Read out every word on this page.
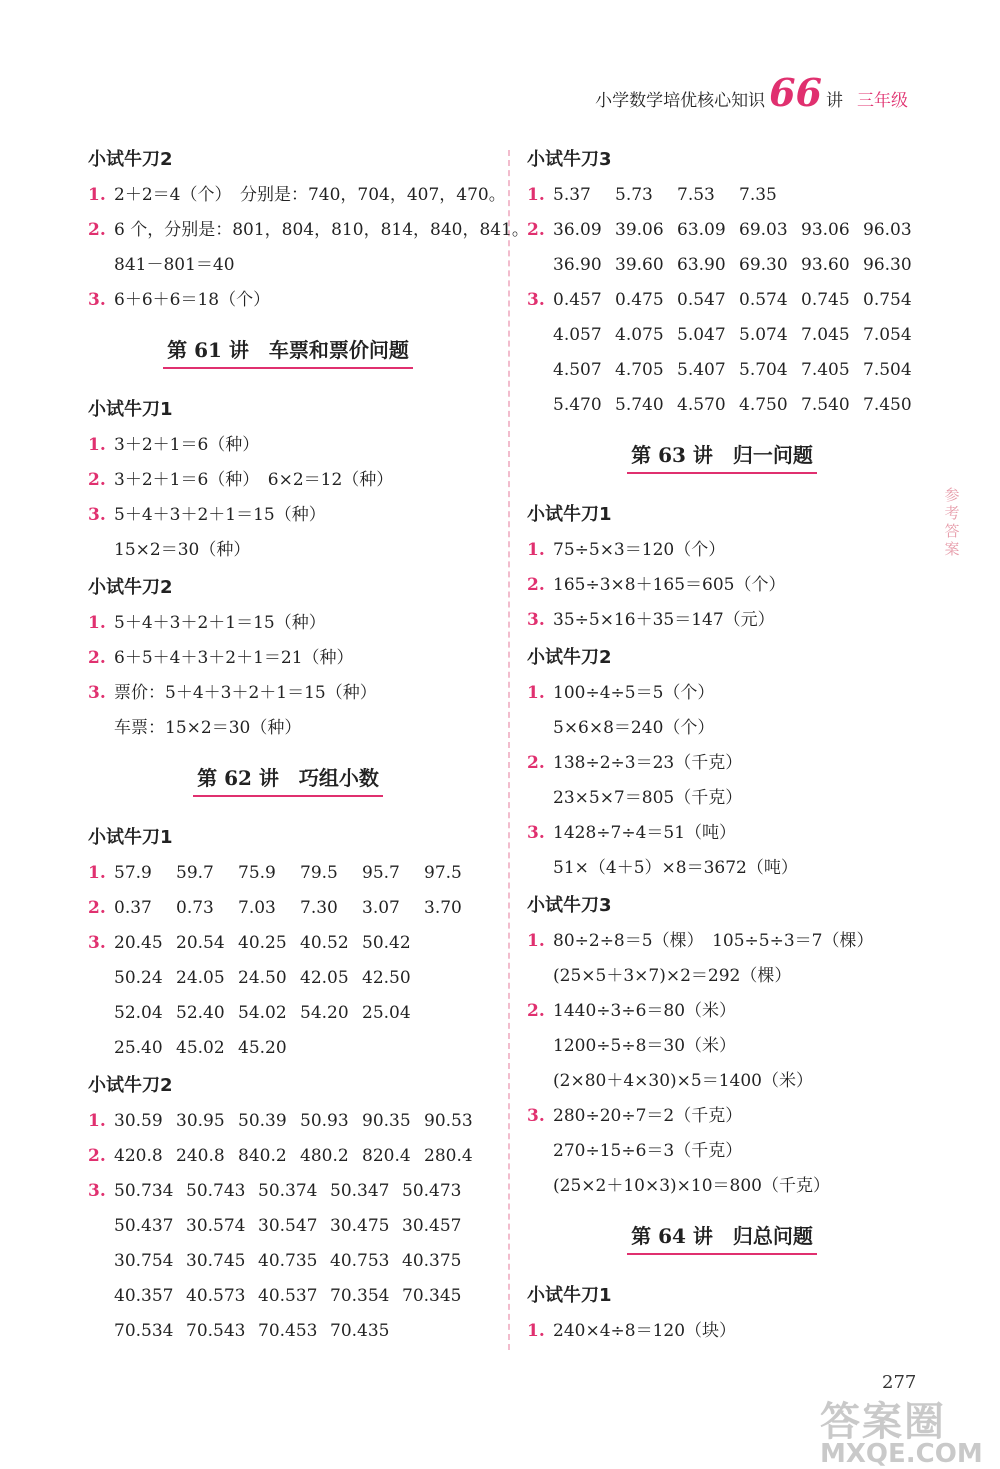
小学数学培优核心知识 66 讲 三年级
小试牛刀2
1. 2＋2＝4（个）　分别是：740，704，407，470。
2. 6 个，分别是：801，804，810，814，840，841。
841－801＝40
3. 6＋6＋6＝18（个）
第 61 讲　车票和票价问题
小试牛刀1
1. 3＋2＋1＝6（种）
2. 3＋2＋1＝6（种）　6×2＝12（种）
3. 5＋4＋3＋2＋1＝15（种）
15×2＝30（种）
小试牛刀2
1. 5＋4＋3＋2＋1＝15（种）
2. 6＋5＋4＋3＋2＋1＝21（种）
3. 票价：5＋4＋3＋2＋1＝15（种）
车票：15×2＝30（种）
第 62 讲　巧组小数
小试牛刀1
1. 57.9 59.7 75.9 79.5 95.7 97.5
2. 0.37 0.73 7.03 7.30 3.07 3.70
3. 20.45 20.54 40.25 40.52 50.42
50.24 24.05 24.50 42.05 42.50
52.04 52.40 54.02 54.20 25.04
25.40 45.02 45.20
小试牛刀2
1. 30.59 30.95 50.39 50.93 90.35 90.53
2. 420.8 240.8 840.2 480.2 820.4 280.4
3. 50.734 50.743 50.374 50.347 50.473
50.437 30.574 30.547 30.475 30.457
30.754 30.745 40.735 40.753 40.375
40.357 40.573 40.537 70.354 70.345
70.534 70.543 70.453 70.435
小试牛刀3
1. 5.37 5.73 7.53 7.35
2. 36.09 39.06 63.09 69.03 93.06 96.03
36.90 39.60 63.90 69.30 93.60 96.30
3. 0.457 0.475 0.547 0.574 0.745 0.754
4.057 4.075 5.047 5.074 7.045 7.054
4.507 4.705 5.407 5.704 7.405 7.504
5.470 5.740 4.570 4.750 7.540 7.450
第 63 讲　归一问题
小试牛刀1
1. 75÷5×3＝120（个）
2. 165÷3×8＋165＝605（个）
3. 35÷5×16＋35＝147（元）
小试牛刀2
1. 100÷4÷5＝5（个）
5×6×8＝240（个）
2. 138÷2÷3＝23（千克）
23×5×7＝805（千克）
3. 1428÷7÷4＝51（吨）
51×（4＋5）×8＝3672（吨）
小试牛刀3
1. 80÷2÷8＝5（棵）　105÷5÷3＝7（棵）
(25×5＋3×7)×2＝292（棵）
2. 1440÷3÷6＝80（米）
1200÷5÷8＝30（米）
(2×80＋4×30)×5＝1400（米）
3. 280÷20÷7＝2（千克）
270÷15÷6＝3（千克）
(25×2＋10×3)×10＝800（千克）
第 64 讲　归总问题
小试牛刀1
1. 240×4÷8＝120（块）
参
考
答
案
277
答案圈
MXQE.COM
